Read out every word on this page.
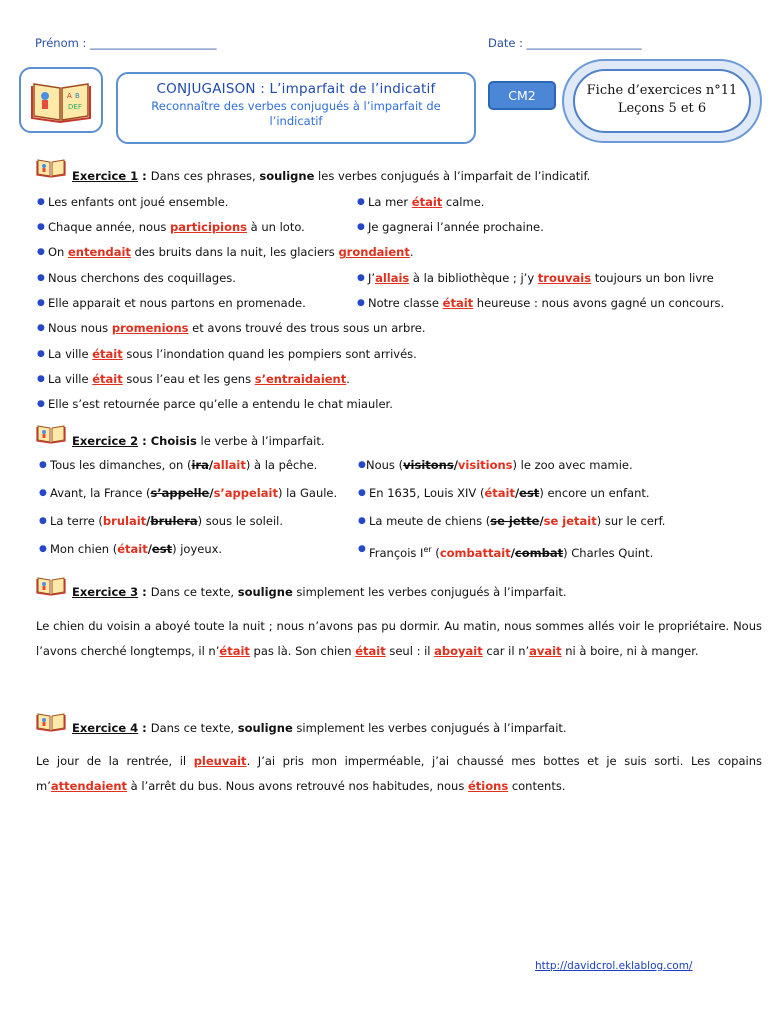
Prénom : ______________________	Date : ____________________
A B
DEF
CONJUGAISON : L’imparfait de l’indicatif
Reconnaître des verbes conjugués à l’imparfait de l’indicatif
CM2	Fiche d’exercices n°11
Leçons 5 et 6
Exercice 1 : Dans ces phrases, souligne les verbes conjugués à l’imparfait de l’indicatif.
● Les enfants ont joué ensemble.	● La mer était calme.
● Chaque année, nous participions à un loto.	● Je gagnerai l’année prochaine.
● On entendait des bruits dans la nuit, les glaciers grondaient.
● Nous cherchons des coquillages.	● J’allais à la bibliothèque ; j’y trouvais toujours un bon livre
● Elle apparait et nous partons en promenade.	● Notre classe était heureuse : nous avons gagné un concours.
● Nous nous promenions et avons trouvé des trous sous un arbre.
● La ville était sous l’inondation quand les pompiers sont arrivés.
● La ville était sous l’eau et les gens s’entraidaient.
● Elle s’est retournée parce qu’elle a entendu le chat miauler.
Exercice 2 : Choisis le verbe à l’imparfait.
● Tous les dimanches, on (ira/allait) à la pêche.	● Nous (visitons/visitions) le zoo avec mamie.
● Avant, la France (s’appelle/s’appelait) la Gaule. ● En 1635, Louis XIV (était/est) encore un enfant.
● La terre (brulait/brulera) sous le soleil.	● La meute de chiens (se jette/se jetait) sur le cerf.
● Mon chien (était/est) joyeux.	● François Ier (combattait/combat) Charles Quint.
Exercice 3 : Dans ce texte, souligne simplement les verbes conjugués à l’imparfait.
Le chien du voisin a aboyé toute la nuit ; nous n’avons pas pu dormir. Au matin, nous sommes allés voir le propriétaire. Nous l’avons cherché longtemps, il n’était pas là. Son chien était seul : il aboyait car il n’avait ni à boire, ni à manger.
Exercice 4 : Dans ce texte, souligne simplement les verbes conjugués à l’imparfait.
Le jour de la rentrée, il pleuvait. J’ai pris mon imperméable, j’ai chaussé mes bottes et je suis sorti. Les copains m’attendaient à l’arrêt du bus. Nous avons retrouvé nos habitudes, nous étions contents.
http://davidcrol.eklablog.com/
